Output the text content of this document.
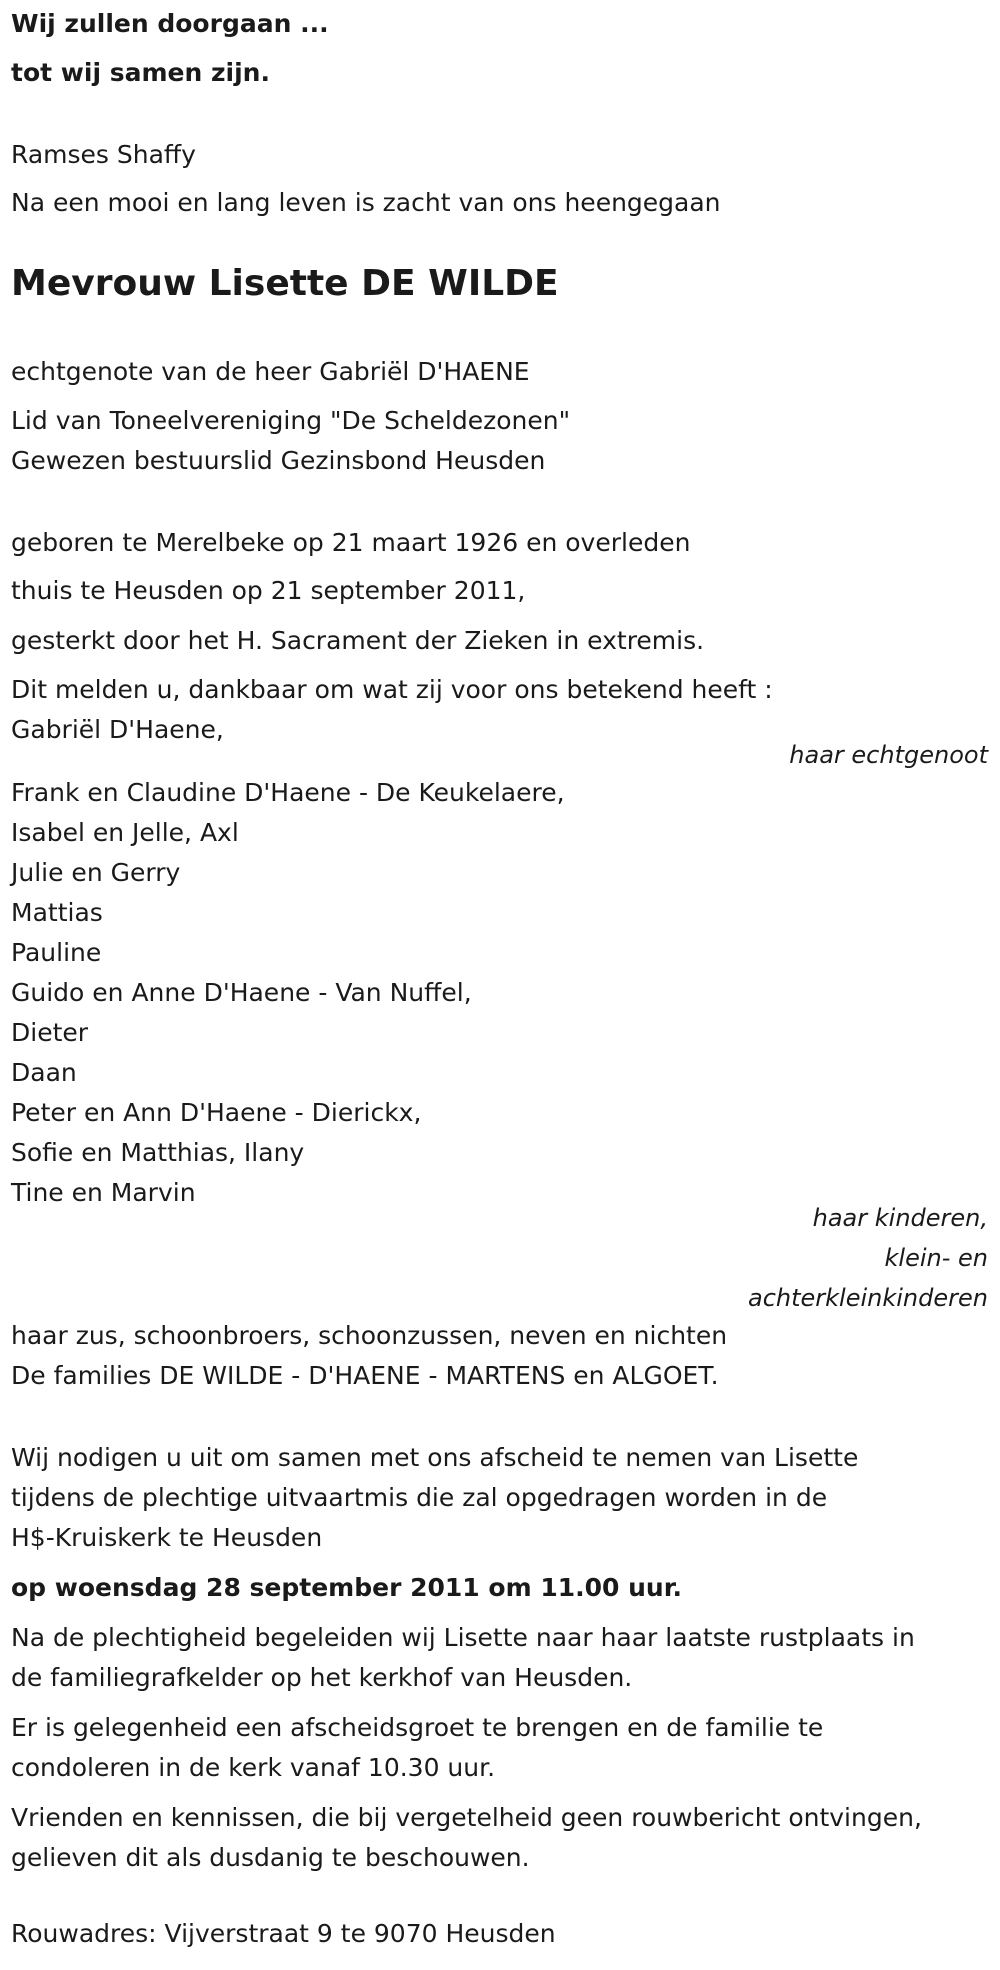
Wij zullen doorgaan ...

tot wij samen zijn.

Ramses Shaffy

Na een mooi en lang leven is zacht van ons heengegaan

Mevrouw Lisette DE WILDE

echtgenote van de heer Gabriël D'HAENE

Lid van Toneelvereniging "De Scheldezonen"

Gewezen bestuurslid Gezinsbond Heusden

geboren te Merelbeke op 21 maart 1926 en overleden

thuis te Heusden op 21 september 2011,

gesterkt door het H. Sacrament der Zieken in extremis.

Dit melden u, dankbaar om wat zij voor ons betekend heeft :

Gabriël D'Haene,

haar echtgenoot

Frank en Claudine D'Haene - De Keukelaere,

Isabel en Jelle, Axl

Julie en Gerry

Mattias

Pauline

Guido en Anne D'Haene - Van Nuffel,

Dieter

Daan

Peter en Ann D'Haene - Dierickx,

Sofie en Matthias, Ilany

Tine en Marvin

haar kinderen,

klein- en

achterkleinkinderen

haar zus, schoonbroers, schoonzussen, neven en nichten

De families DE WILDE - D'HAENE - MARTENS en ALGOET.

Wij nodigen u uit om samen met ons afscheid te nemen van Lisette

tijdens de plechtige uitvaartmis die zal opgedragen worden in de

H$-Kruiskerk te Heusden

op woensdag 28 september 2011 om 11.00 uur.

Na de plechtigheid begeleiden wij Lisette naar haar laatste rustplaats in

de familiegrafkelder op het kerkhof van Heusden.

Er is gelegenheid een afscheidsgroet te brengen en de familie te

condoleren in de kerk vanaf 10.30 uur.

Vrienden en kennissen, die bij vergetelheid geen rouwbericht ontvingen,

gelieven dit als dusdanig te beschouwen.

Rouwadres: Vijverstraat 9 te 9070 Heusden
